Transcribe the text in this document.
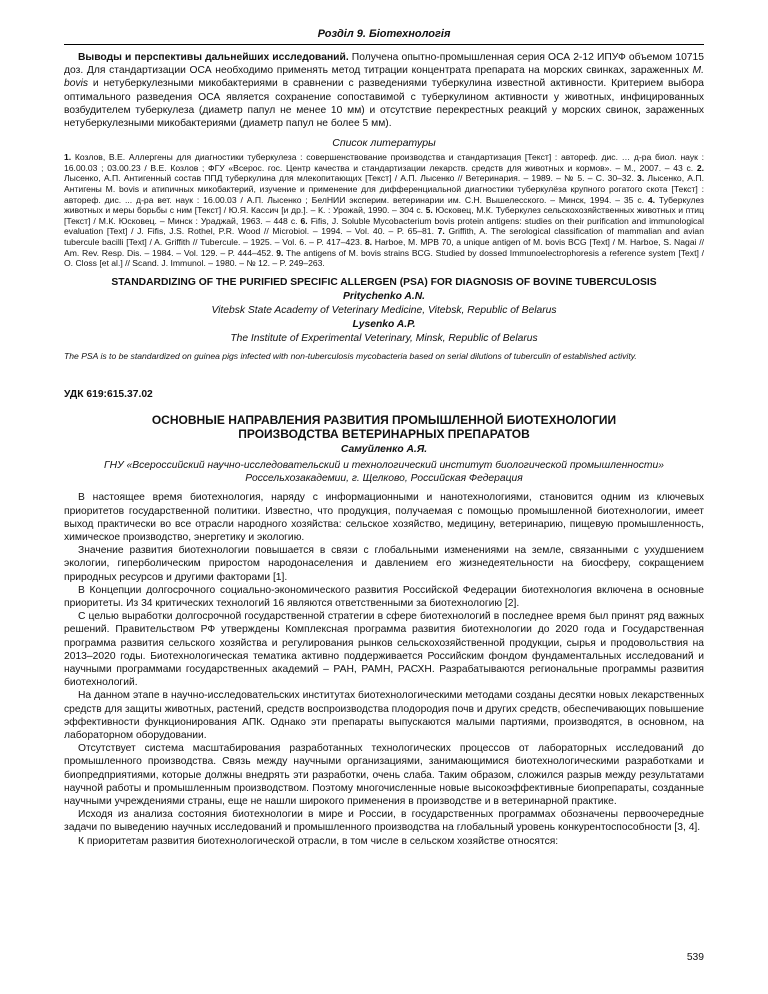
Розділ 9. Біотехнологія

Выводы и перспективы дальнейших исследований. Получена опытно-промышленная серия ОСА 2-12 ИПУФ объемом 10715 доз. Для стандартизации ОСА необходимо применять метод титрации концентрата препарата на морских свинках, зараженных M. bovis и нетуберкулезными микобактериями в сравнении с разведениями туберкулина известной активности. Критерием выбора оптимального разведения ОСА является сохранение сопоставимой с туберкулином активности у животных, инфицированных возбудителем туберкулеза (диаметр папул не менее 10 мм) и отсутствие перекрестных реакций у морских свинок, зараженных нетуберкулезными микобактериями (диаметр папул не более 5 мм).

Список литературы

1. Козлов, В.Е. Аллергены для диагностики туберкулеза : совершенствование производства и стандартизация [Текст] : автореф. дис. … д-ра биол. наук : 16.00.03 ; 03.00.23 / В.Е. Козлов ; ФГУ «Всерос. гос. Центр качества и стандартизации лекарств. средств для животных и кормов». – М., 2007. – 43 с. 2. Лысенко, А.П. Антигенный состав ППД туберкулина для млекопитающих [Текст] / А.П. Лысенко // Ветеринария. – 1989. – № 5. – С. 30–32. 3. Лысенко, А.П. Антигены M. bovis и атипичных микобактерий, изучение и применение для дифференциальной диагностики туберкулёза крупного рогатого скота [Текст] : автореф. дис. ... д-ра вет. наук : 16.00.03 / А.П. Лысенко ; БелНИИ эксперим. ветеринарии им. С.Н. Вышелесского. – Минск, 1994. – 35 с. 4. Туберкулез животных и меры борьбы с ним [Текст] / Ю.Я. Кассич [и др.]. – К. : Урожай, 1990. – 304 с. 5. Юсковец, М.К. Туберкулез сельскохозяйственных животных и птиц [Текст] / М.К. Юсковец. – Минск : Ураджай, 1963. – 448 с. 6. Fifis, J. Soluble Mycobacterium bovis protein antigens: studies on their purification and immunological evaluation [Text] / J. Fifis, J.S. Rothel, P.R. Wood // Microbiol. – 1994. – Vol. 40. – P. 65–81. 7. Griffith, A. The serological classification of mammalian and avian tubercule bacilli [Text] / A. Griffith // Tubercule. – 1925. – Vol. 6. – P. 417–423. 8. Harboe, M. MPB 70, a unique antigen of M. bovis BCG [Text] / M. Harboe, S. Nagai // Am. Rev. Resp. Dis. – 1984. – Vol. 129. – P. 444–452. 9. The antigens of M. bovis strains BCG. Studied by dossed Immunoelectrophoresis a reference system [Text] / O. Closs [et al.] // Scand. J. Immunol. – 1980. – № 12. – P. 249–263.

STANDARDIZING OF THE PURIFIED SPECIFIC ALLERGEN (PSA) FOR DIAGNOSIS OF BOVINE TUBERCULOSIS
Pritychenko A.N.
Vitebsk State Academy of Veterinary Medicine, Vitebsk, Republic of Belarus
Lysenko A.P.
The Institute of Experimental Veterinary, Minsk, Republic of Belarus

The PSA is to be standardized on guinea pigs infected with non-tuberculosis mycobacteria based on serial dilutions of tuberculin of established activity.

УДК 619:615.37.02
ОСНОВНЫЕ НАПРАВЛЕНИЯ РАЗВИТИЯ ПРОМЫШЛЕННОЙ БИОТЕХНОЛОГИИ
ПРОИЗВОДСТВА ВЕТЕРИНАРНЫХ ПРЕПАРАТОВ
Самуйленко А.Я.
ГНУ «Всероссийский научно-исследовательский и технологический институт биологической промышленности»
Россельхозакадемии, г. Щелково, Российская Федерация

В настоящее время биотехнология, наряду с информационными и нанотехнологиями, становится одним из ключевых приоритетов государственной политики. Известно, что продукция, получаемая с помощью промышленной биотехнологии, имеет выход практически во все отрасли народного хозяйства: сельское хозяйство, медицину, ветеринарию, пищевую промышленность, химическое производство, энергетику и экологию.

Значение развития биотехнологии повышается в связи с глобальными изменениями на земле, связанными с ухудшением экологии, гиперболическим приростом народонаселения и давлением его жизнедеятельности на биосферу, сокращением природных ресурсов и другими факторами [1].

В Концепции долгосрочного социально-экономического развития Российской Федерации биотехнология включена в основные приоритеты. Из 34 критических технологий 16 являются ответственными за биотехнологию [2].

С целью выработки долгосрочной государственной стратегии в сфере биотехнологий в последнее время был принят ряд важных решений. Правительством РФ утверждены Комплексная программа развития биотехнологии до 2020 года и Государственная программа развития сельского хозяйства и регулирования рынков сельскохозяйственной продукции, сырья и продовольствия на 2013–2020 годы. Биотехнологическая тематика активно поддерживается Российским фондом фундаментальных исследований и научными программами государственных академий – РАН, РАМН, РАСХН. Разрабатываются региональные программы развития биотехнологий.

На данном этапе в научно-исследовательских институтах биотехнологическими методами созданы десятки новых лекарственных средств для защиты животных, растений, средств воспроизводства плодородия почв и других средств, обеспечивающих повышение эффективности функционирования АПК. Однако эти препараты выпускаются малыми партиями, производятся, в основном, на лабораторном оборудовании.

Отсутствует система масштабирования разработанных технологических процессов от лабораторных исследований до промышленного производства. Связь между научными организациями, занимающимися биотехнологическими разработками и биопредприятиями, которые должны внедрять эти разработки, очень слаба. Таким образом, сложился разрыв между результатами научной работы и промышленным производством. Поэтому многочисленные новые высокоэффективные биопрепараты, созданные научными учреждениями страны, еще не нашли широкого применения в производстве и в ветеринарной практике.

Исходя из анализа состояния биотехнологии в мире и России, в государственных программах обозначены первоочередные задачи по выведению научных исследований и промышленного производства на глобальный уровень конкурентоспособности [3, 4].

К приоритетам развития биотехнологической отрасли, в том числе в сельском хозяйстве относятся:

539
